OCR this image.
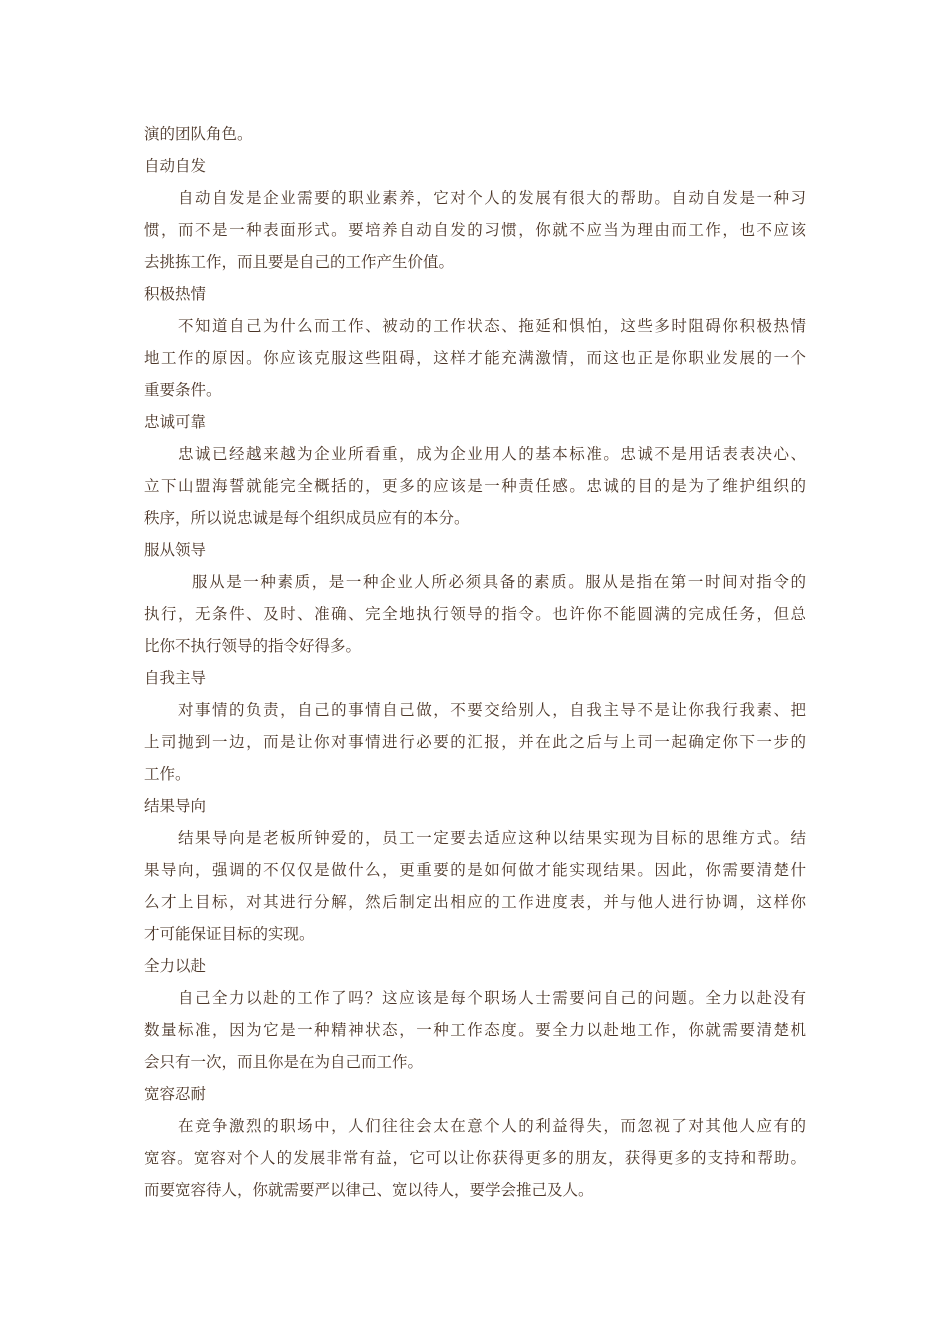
演的团队角色。
自动自发
自动自发是企业需要的职业素养，它对个人的发展有很大的帮助。自动自发是一种习
惯，而不是一种表面形式。要培养自动自发的习惯，你就不应当为理由而工作，也不应该
去挑拣工作，而且要是自己的工作产生价值。
积极热情
不知道自己为什么而工作、被动的工作状态、拖延和惧怕，这些多时阻碍你积极热情
地工作的原因。你应该克服这些阻碍，这样才能充满激情，而这也正是你职业发展的一个
重要条件。
忠诚可靠
忠诚已经越来越为企业所看重，成为企业用人的基本标准。忠诚不是用话表表决心、
立下山盟海誓就能完全概括的，更多的应该是一种责任感。忠诚的目的是为了维护组织的
秩序，所以说忠诚是每个组织成员应有的本分。
服从领导
服从是一种素质，是一种企业人所必须具备的素质。服从是指在第一时间对指令的
执行，无条件、及时、准确、完全地执行领导的指令。也许你不能圆满的完成任务，但总
比你不执行领导的指令好得多。
自我主导
对事情的负责，自己的事情自己做，不要交给别人，自我主导不是让你我行我素、把
上司抛到一边，而是让你对事情进行必要的汇报，并在此之后与上司一起确定你下一步的
工作。
结果导向
结果导向是老板所钟爱的，员工一定要去适应这种以结果实现为目标的思维方式。结
果导向，强调的不仅仅是做什么，更重要的是如何做才能实现结果。因此，你需要清楚什
么才上目标，对其进行分解，然后制定出相应的工作进度表，并与他人进行协调，这样你
才可能保证目标的实现。
全力以赴
自己全力以赴的工作了吗？这应该是每个职场人士需要问自己的问题。全力以赴没有
数量标准，因为它是一种精神状态，一种工作态度。要全力以赴地工作，你就需要清楚机
会只有一次，而且你是在为自己而工作。
宽容忍耐
在竞争激烈的职场中，人们往往会太在意个人的利益得失，而忽视了对其他人应有的
宽容。宽容对个人的发展非常有益，它可以让你获得更多的朋友，获得更多的支持和帮助。
而要宽容待人，你就需要严以律己、宽以待人，要学会推己及人。
